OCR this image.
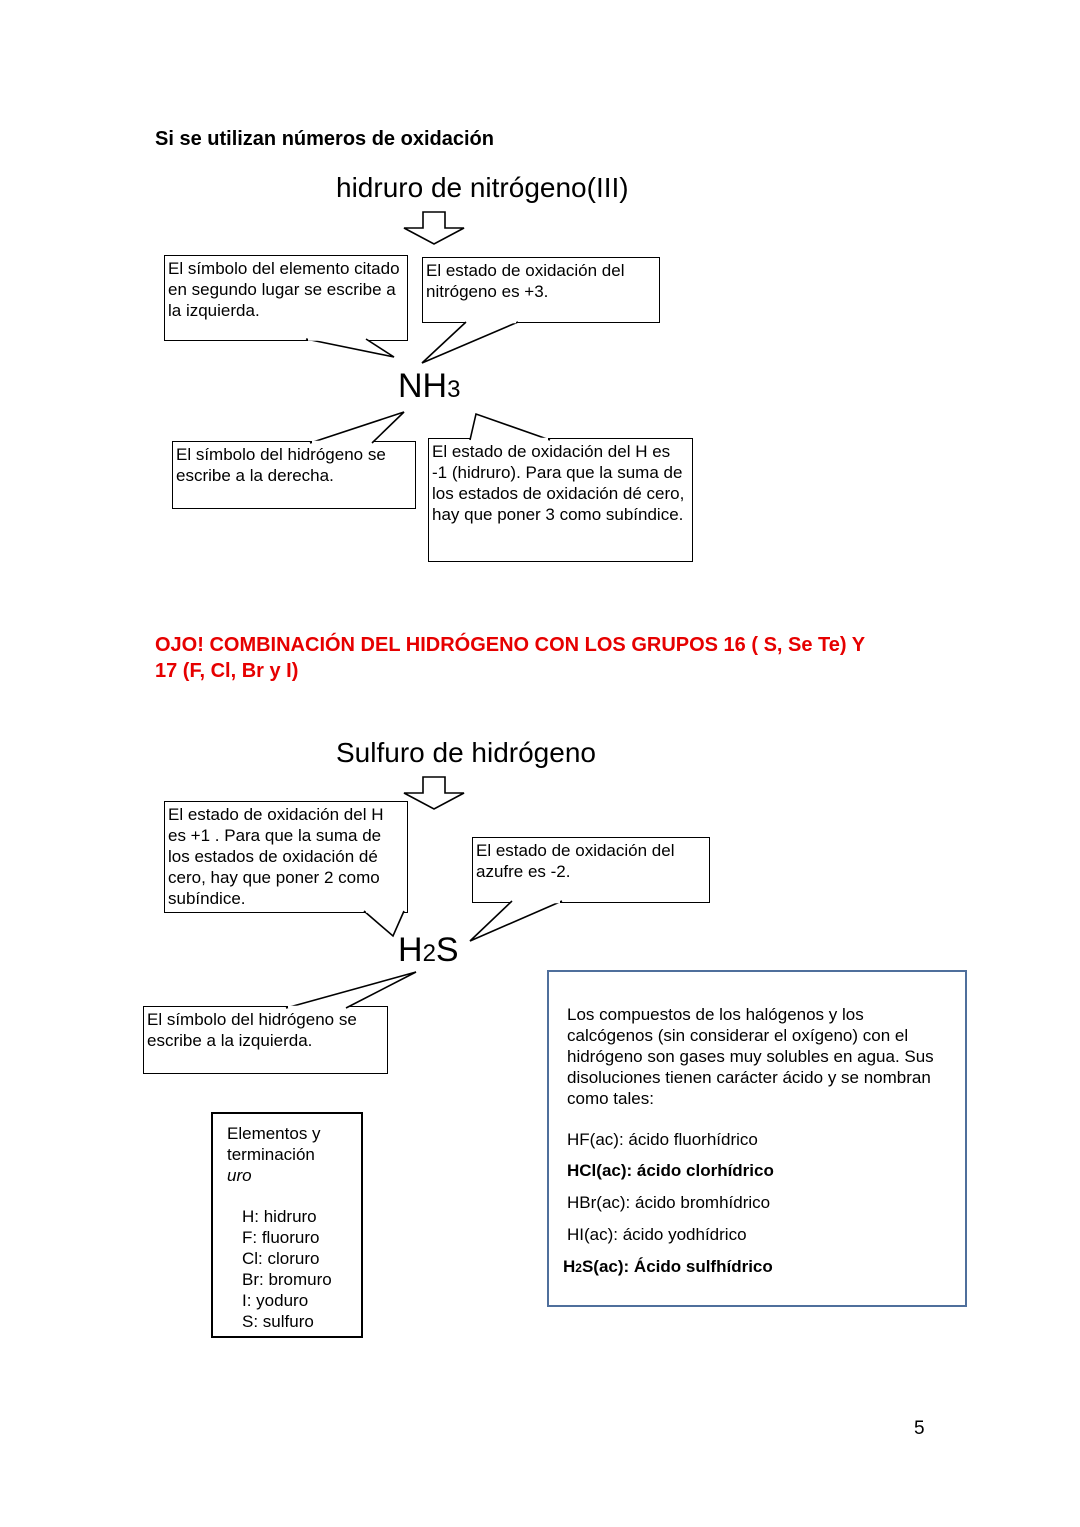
Si se utilizan números de oxidación
hidruro de nitrógeno(III)
El símbolo del elemento citado en segundo lugar se escribe a la izquierda.
El estado de oxidación del nitrógeno es +3.
NH3
El símbolo del hidrógeno se escribe a la derecha.
El estado de oxidación del H es -1 (hidruro). Para que la suma de los estados de oxidación dé cero, hay que poner 3 como subíndice.
OJO! COMBINACIÓN DEL HIDRÓGENO CON LOS GRUPOS 16 ( S, Se Te) Y
17 (F, Cl, Br y I)
Sulfuro de hidrógeno
El estado de oxidación del H es +1 . Para que la suma de los estados de oxidación dé cero, hay que poner 2 como subíndice.
El estado de oxidación del azufre es -2.
H2S
El símbolo del hidrógeno se escribe a la izquierda.
Elementos y
terminación
uro
H: hidruro
F: fluoruro
Cl: cloruro
Br: bromuro
I: yoduro
S: sulfuro
Los compuestos de los halógenos y los calcógenos (sin considerar el oxígeno) con el hidrógeno son gases muy solubles en agua. Sus disoluciones tienen carácter ácido y se nombran como tales:
HF(ac): ácido fluorhídrico
HCl(ac): ácido clorhídrico
HBr(ac): ácido bromhídrico
HI(ac): ácido yodhídrico
H2S(ac): Ácido sulfhídrico
5
